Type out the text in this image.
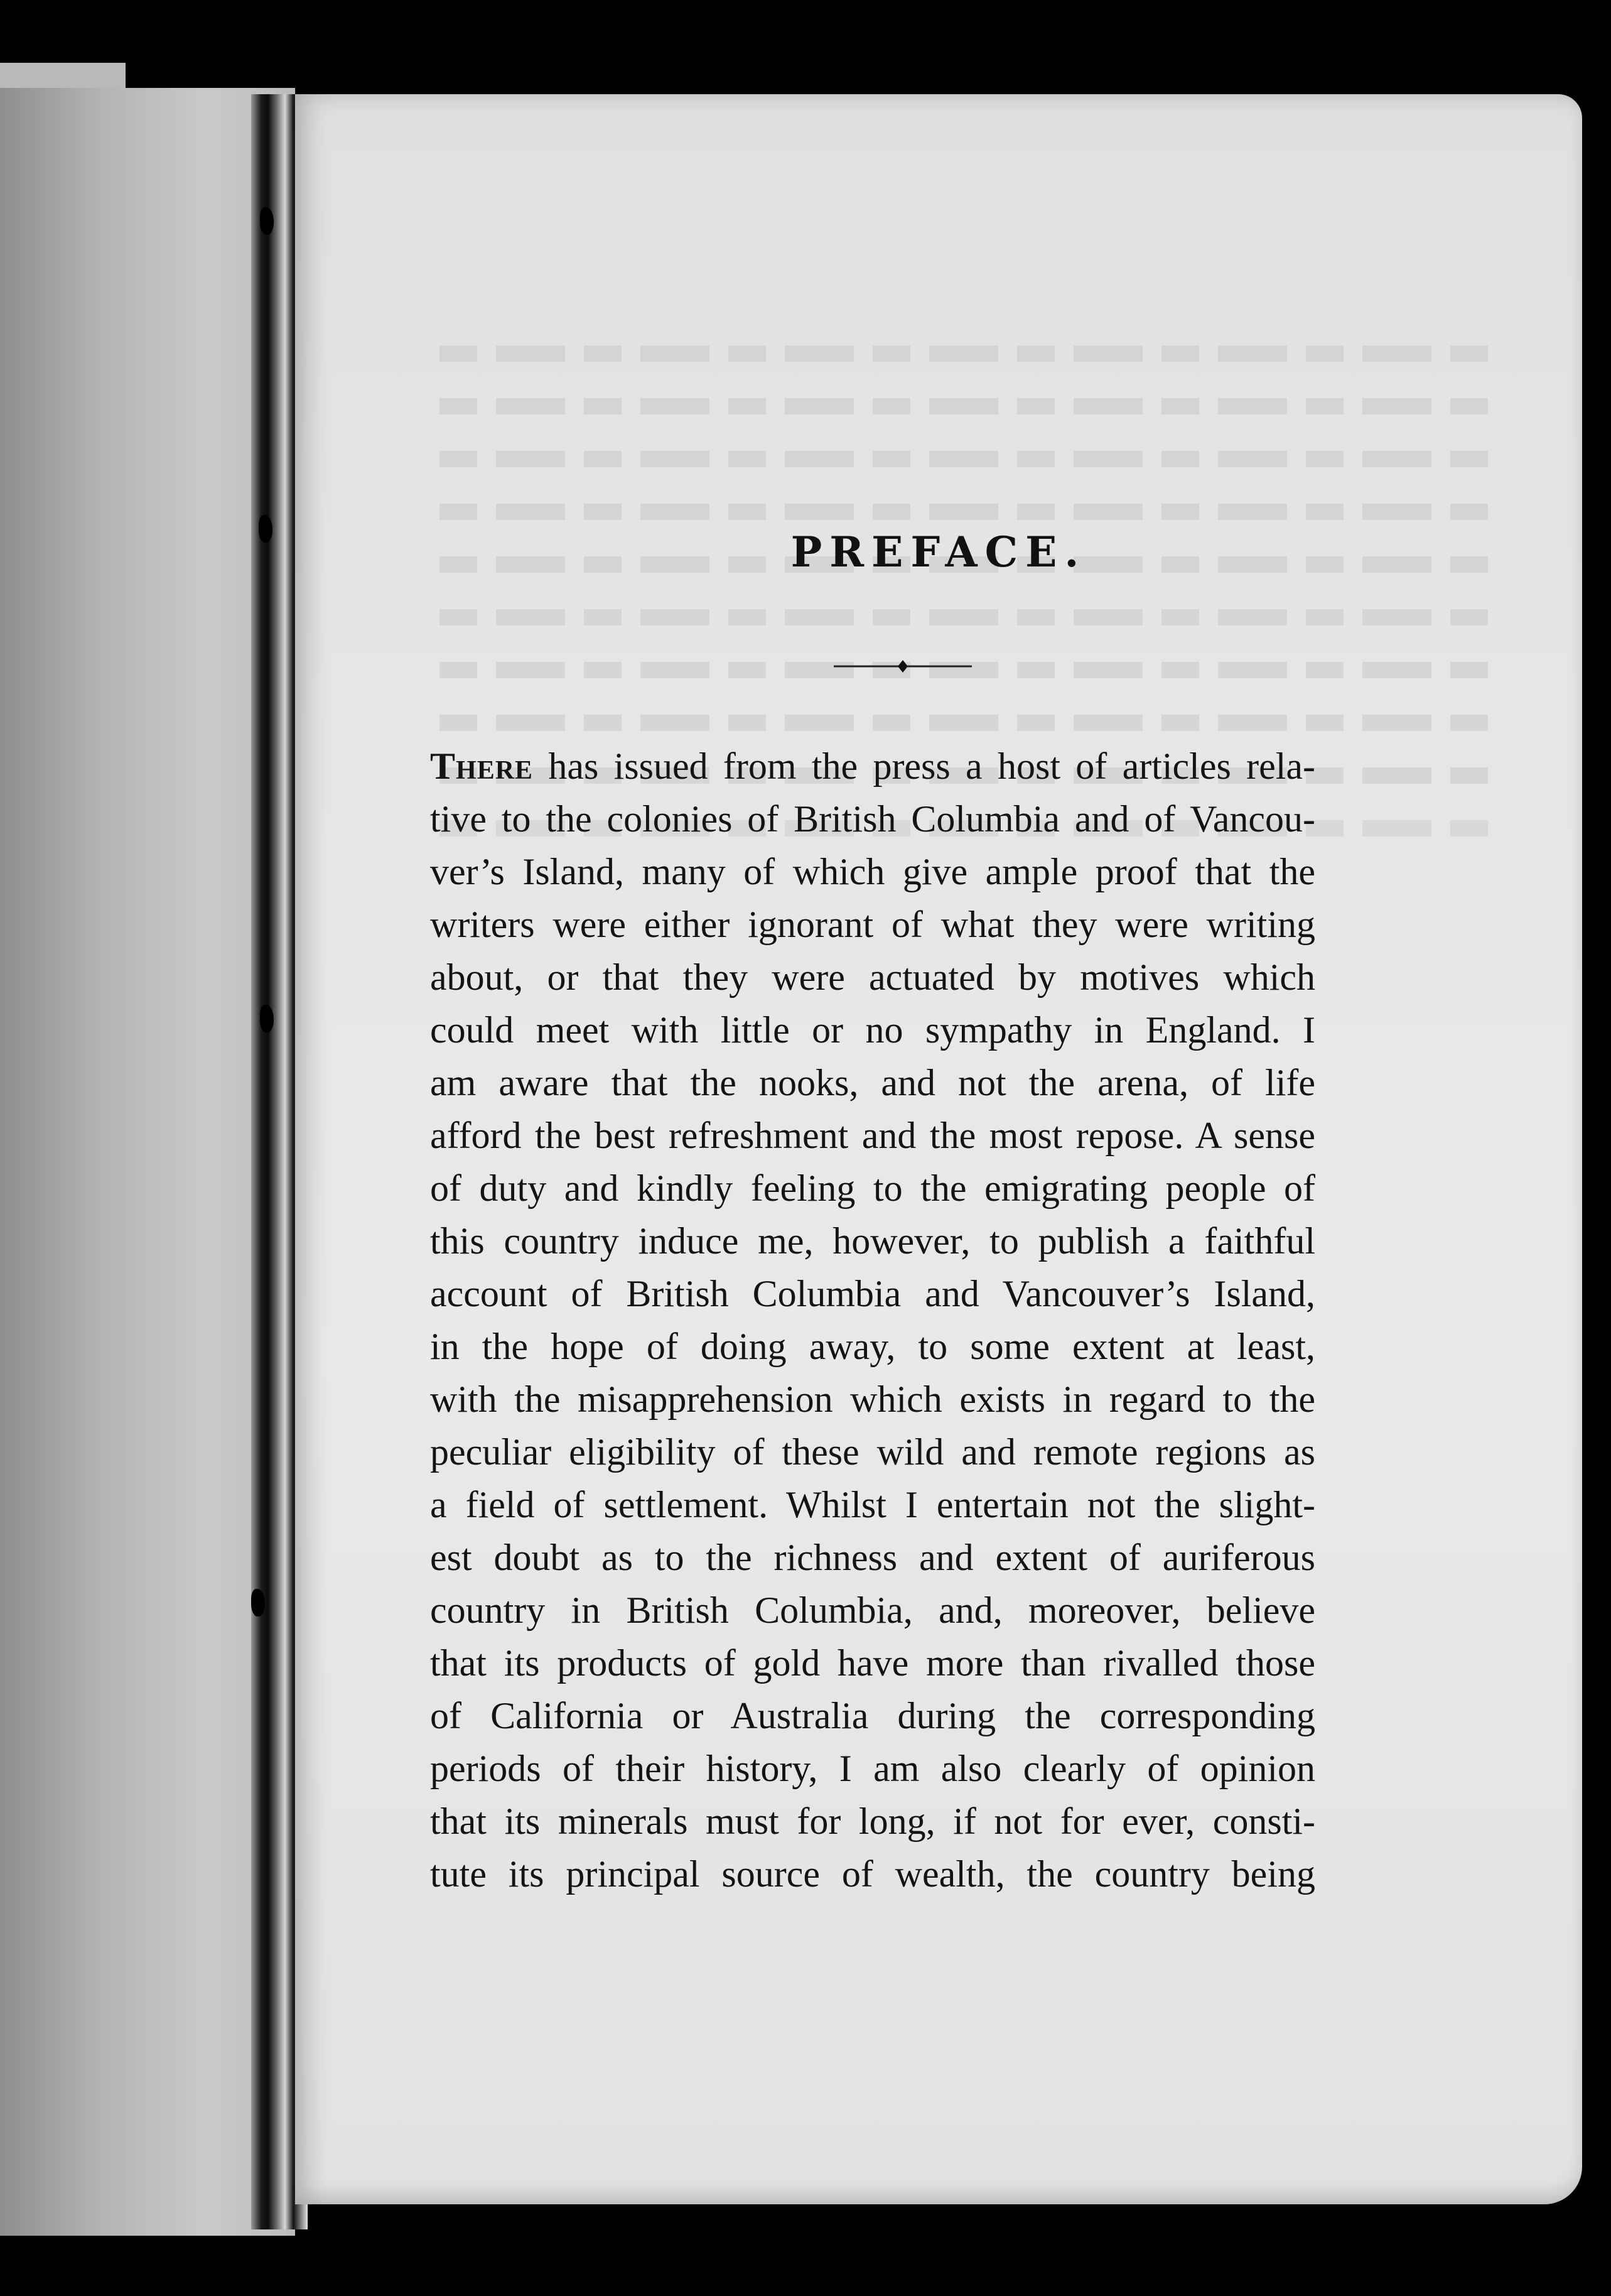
PREFACE.
There has issued from the press a host of articles rela-
tive to the colonies of British Columbia and of Vancou-
ver’s Island, many of which give ample proof that the
writers were either ignorant of what they were writing
about, or that they were actuated by motives which
could meet with little or no sympathy in England. I
am aware that the nooks, and not the arena, of life
afford the best refreshment and the most repose. A sense
of duty and kindly feeling to the emigrating people of
this country induce me, however, to publish a faithful
account of British Columbia and Vancouver’s Island,
in the hope of doing away, to some extent at least,
with the misapprehension which exists in regard to the
peculiar eligibility of these wild and remote regions as
a field of settlement. Whilst I entertain not the slight-
est doubt as to the richness and extent of auriferous
country in British Columbia, and, moreover, believe
that its products of gold have more than rivalled those
of California or Australia during the corresponding
periods of their history, I am also clearly of opinion
that its minerals must for long, if not for ever, consti-
tute its principal source of wealth, the country being
